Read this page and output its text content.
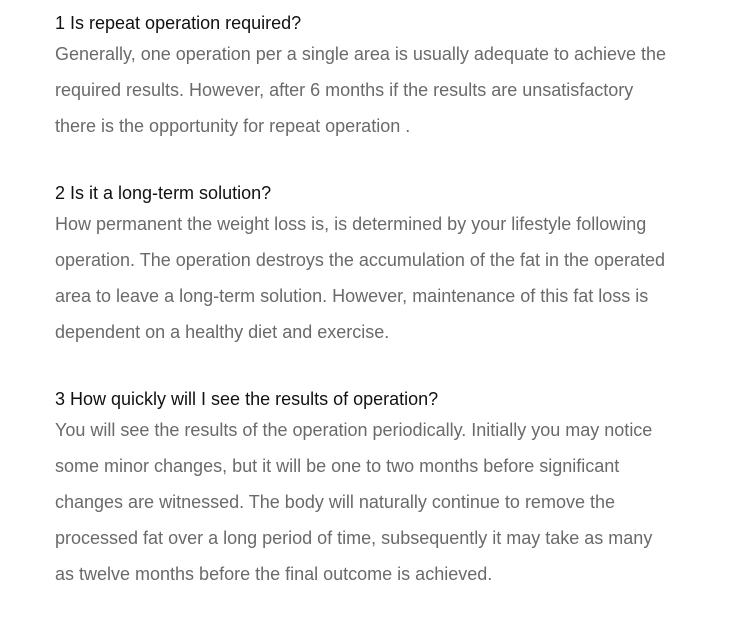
1 Is repeat operation required?
Generally, one operation per a single area is usually adequate to achieve the
required results. However, after 6 months if the results are unsatisfactory
there is the opportunity for repeat operation .
2 Is it a long-term solution?
How permanent the weight loss is, is determined by your lifestyle following
operation. The operation destroys the accumulation of the fat in the operated
area to leave a long-term solution. However, maintenance of this fat loss is
dependent on a healthy diet and exercise.
3 How quickly will I see the results of operation?
You will see the results of the operation periodically. Initially you may notice
some minor changes, but it will be one to two months before significant
changes are witnessed. The body will naturally continue to remove the
processed fat over a long period of time, subsequently it may take as many
as twelve months before the final outcome is achieved.
